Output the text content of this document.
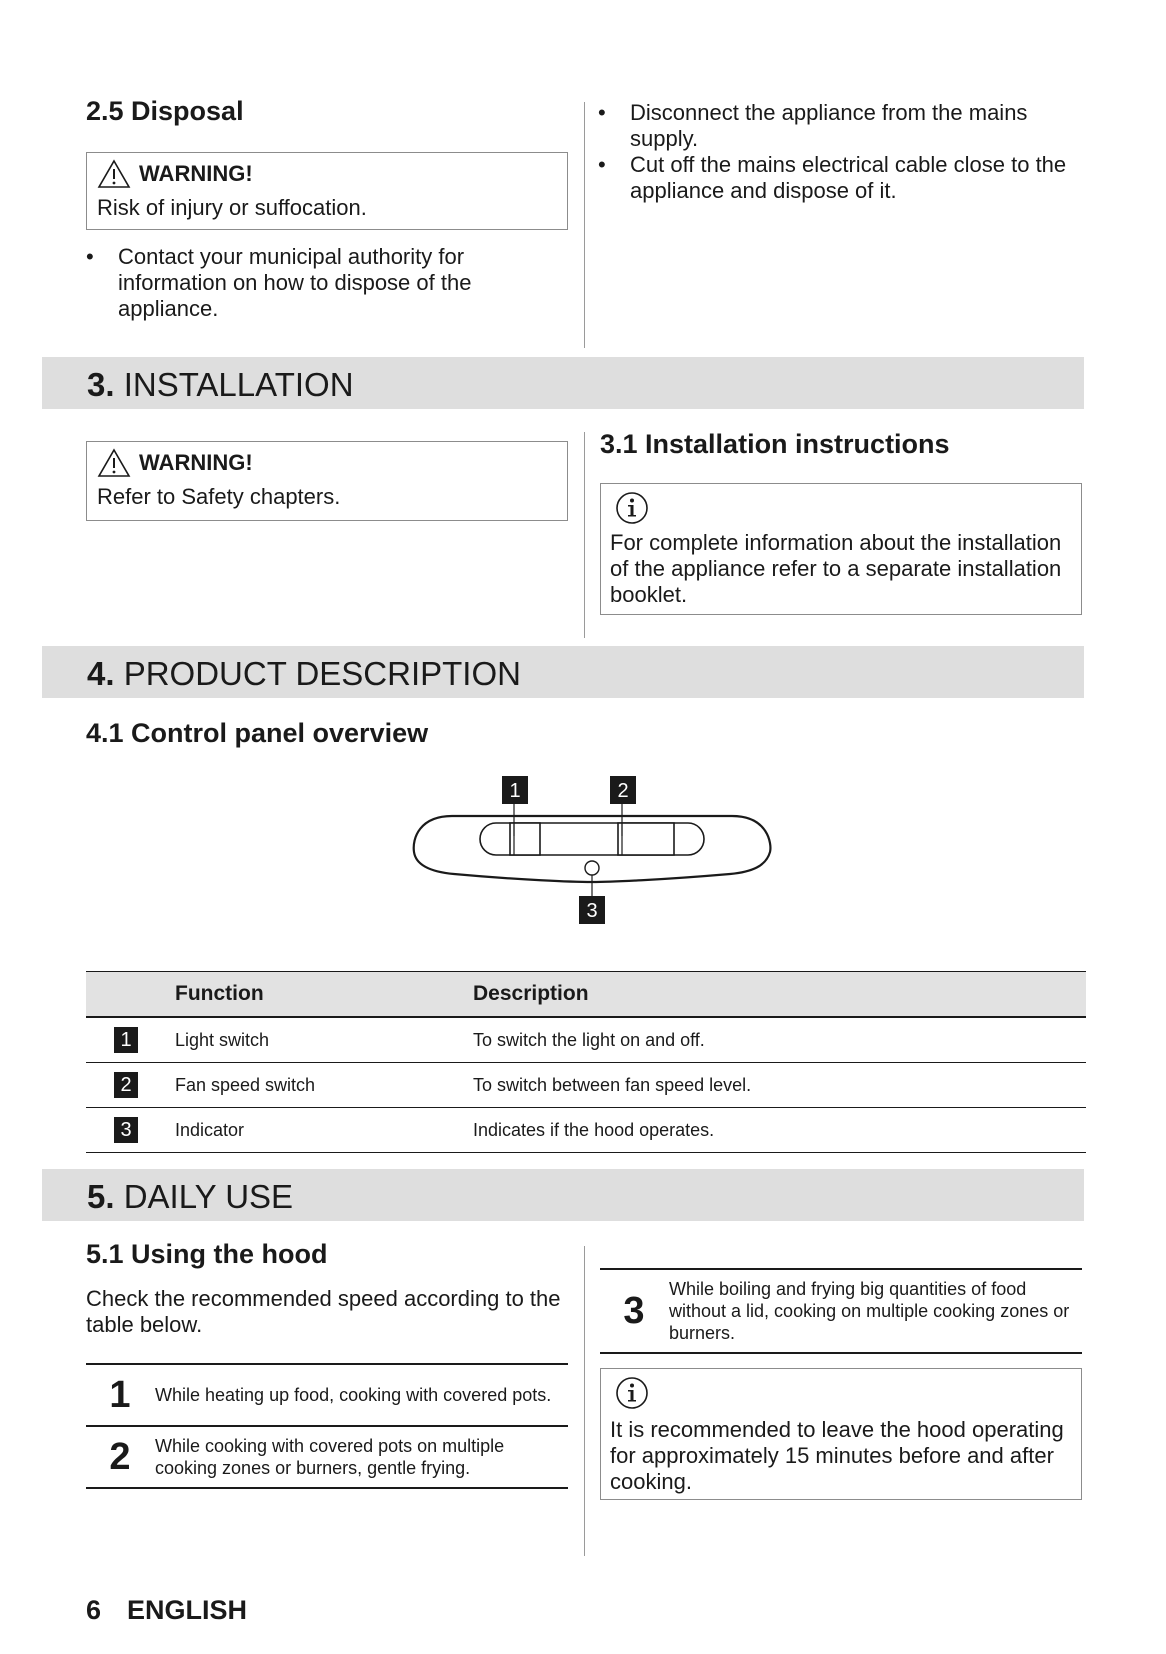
2.5 Disposal
WARNING!
Risk of injury or suffocation.
• Contact your municipal authority for information on how to dispose of the appliance.
• Disconnect the appliance from the mains supply.
• Cut off the mains electrical cable close to the appliance and dispose of it.
3. INSTALLATION
WARNING!
Refer to Safety chapters.
3.1 Installation instructions
For complete information about the installation of the appliance refer to a separate installation booklet.
4. PRODUCT DESCRIPTION
4.1 Control panel overview
1	2
3
	Function	Description
1	Light switch	To switch the light on and off.
2	Fan speed switch	To switch between fan speed level.
3	Indicator	Indicates if the hood operates.
5. DAILY USE
5.1 Using the hood
Check the recommended speed according to the table below.
1	While heating up food, cooking with covered pots.
2	While cooking with covered pots on multiple cooking zones or burners, gentle frying.
3	While boiling and frying big quantities of food without a lid, cooking on multiple cooking zones or burners.
It is recommended to leave the hood operating for approximately 15 minutes before and after cooking.
6 ENGLISH
